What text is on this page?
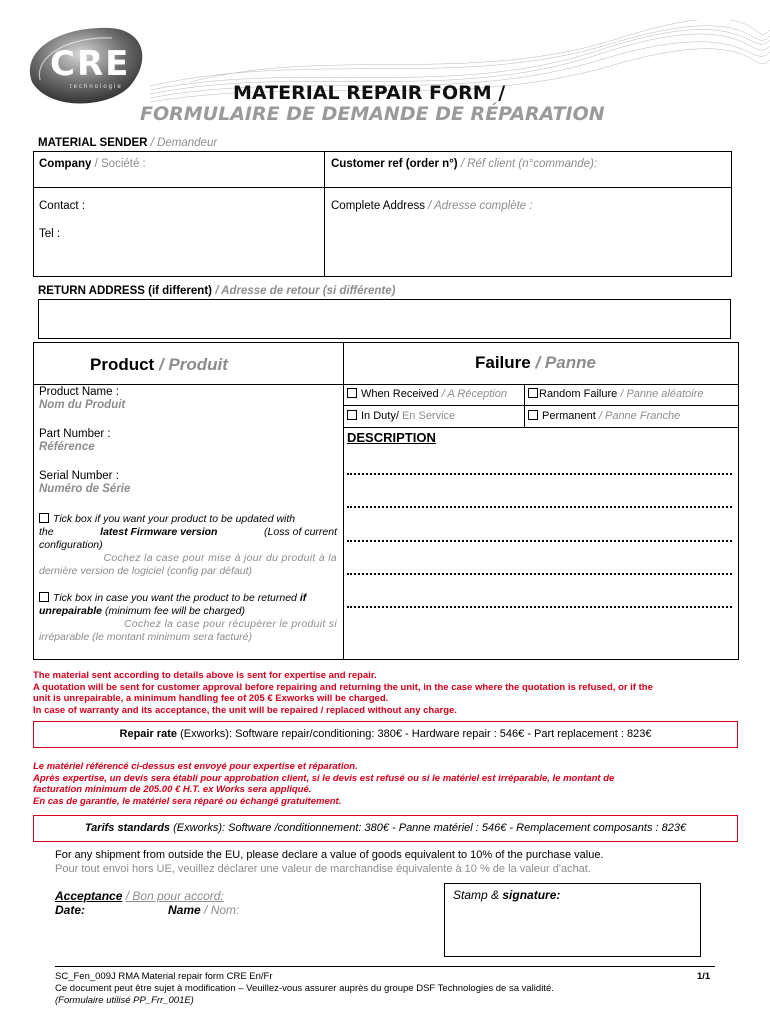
CRE
technologie	MATERIAL REPAIR FORM /
FORMULAIRE DE DEMANDE DE RÉPARATION
MATERIAL SENDER / Demandeur
Company / Société :	Customer ref (order n°) / Réf client (n°commande):
Contact :	Complete Address / Adresse complète :
Tel :
RETURN ADDRESS (if different) / Adresse de retour (si différente)
Product / Produit	Failure / Panne
Product Name :
Nom du Produit
Part Number :
Référence
Serial Number :
Numéro de Série
Tick box if you want your product to be updated with
the	latest Firmware version	(Loss of current
configuration)
Cochez la case pour mise à jour du produit à la
dernière version de logiciel (config par défaut)
Tick box in case you want the product to be returned if
unrepairable (minimum fee will be charged)
Cochez la case pour récupérer le produit si
irréparable (le montant minimum sera facturé)
When Received / A Réception	Random Failure / Panne aléatoire
In Duty/ En Service	Permanent / Panne Franche
DESCRIPTION
The material sent according to details above is sent for expertise and repair.
A quotation will be sent for customer approval before repairing and returning the unit, in the case where the quotation is refused, or if the
unit is unrepairable, a minimum handling fee of 205 € Exworks will be charged.
In case of warranty and its acceptance, the unit will be repaired / replaced without any charge.
Repair rate (Exworks): Software repair/conditioning: 380€ - Hardware repair : 546€ - Part replacement : 823€
Le matériel référencé ci-dessus est envoyé pour expertise et réparation.
Après expertise, un devis sera établi pour approbation client, si le devis est refusé ou si le matériel est irréparable, le montant de
facturation minimum de 205.00 € H.T. ex Works sera appliqué.
En cas de garantie, le matériel sera réparé ou échangé gratuitement.
Tarifs standards (Exworks): Software /conditionnement: 380€ - Panne matériel : 546€ - Remplacement composants : 823€
For any shipment from outside the EU, please declare a value of goods equivalent to 10% of the purchase value.
Pour tout envoi hors UE, veuillez déclarer une valeur de marchandise équivalente à 10 % de la valeur d'achat.
Acceptance / Bon pour accord:
Date:	Name / Nom:
Stamp & signature:
SC_Fen_009J RMA Material repair form CRE En/Fr
Ce document peut être sujet à modification – Veuillez-vous assurer auprès du groupe DSF Technologies de sa validité.
(Formulaire utilisé PP_Frr_001E)
1/1
